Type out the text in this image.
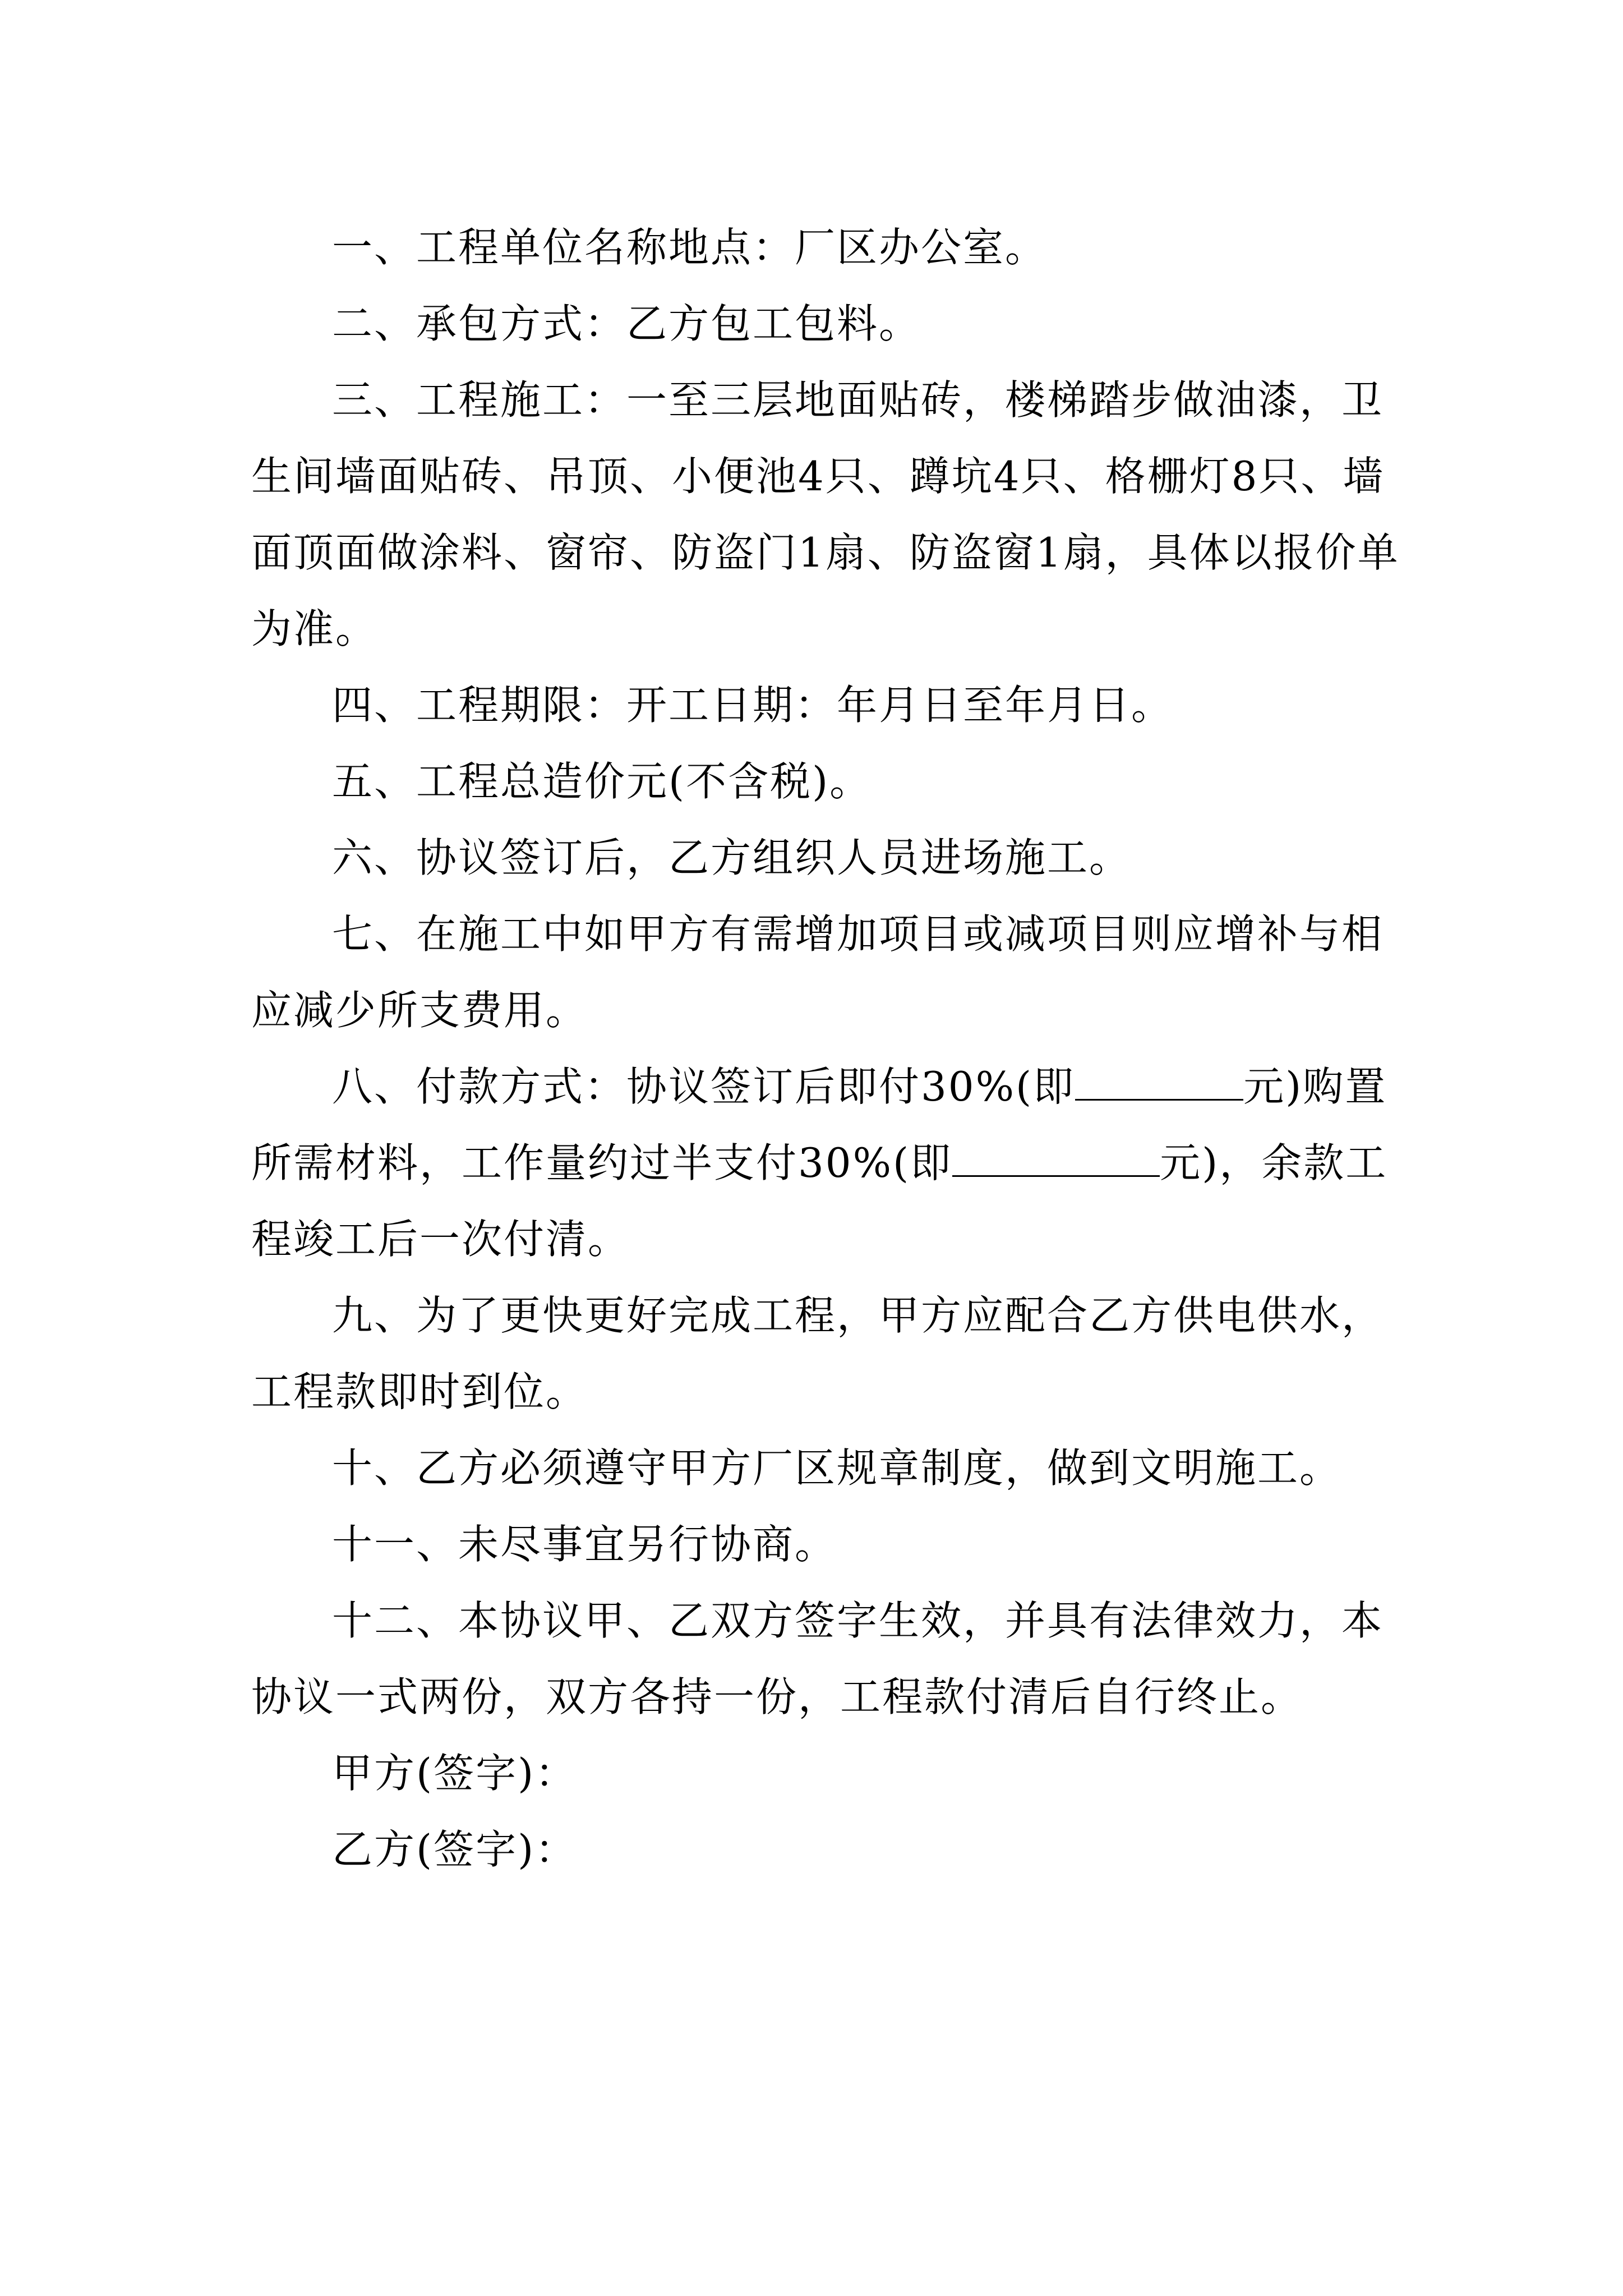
一、工程单位名称地点：厂区办公室。

二、承包方式：乙方包工包料。

三、工程施工：一至三层地面贴砖，楼梯踏步做油漆，卫生间墙面贴砖、吊顶、小便池4只、蹲坑4只、格栅灯8只、墙面顶面做涂料、窗帘、防盗门1扇、防盗窗1扇，具体以报价单为准。

四、工程期限：开工日期：年月日至年月日。

五、工程总造价元(不含税)。

六、协议签订后，乙方组织人员进场施工。

七、在施工中如甲方有需增加项目或减项目则应增补与相应减少所支费用。

八、付款方式：协议签订后即付30%(即	元)购置所需材料，工作量约过半支付30%(即	元)，余款工程竣工后一次付清。

九、为了更快更好完成工程，甲方应配合乙方供电供水，工程款即时到位。

十、乙方必须遵守甲方厂区规章制度，做到文明施工。

十一、未尽事宜另行协商。

十二、本协议甲、乙双方签字生效，并具有法律效力，本协议一式两份，双方各持一份，工程款付清后自行终止。

甲方(签字)：

乙方(签字)：
